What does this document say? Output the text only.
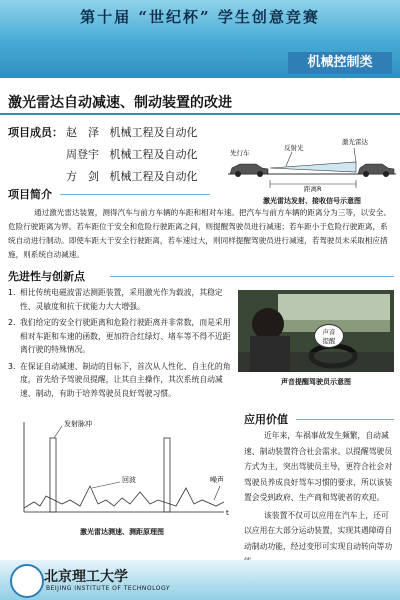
第十届 “世纪杯” 学生创意竞赛
机械控制类
激光雷达自动减速、制动装置的改进
项目成员： 赵　泽 机械工程及自动化
周登宇 机械工程及自动化
方　剑 机械工程及自动化
先行车
反射光
激光雷达
距离R
激光雷达发射、接收信号示意图
项目简介
通过激光雷达装置，测得汽车与前方车辆的车距和相对车速。把汽车与前方车辆的距离分为三等，以安全、危险行驶距离为界。若车距位于安全和危险行驶距离之间，则提醒驾驶员进行减速；若车距小于危险行驶距离，系统自动进行制动。即使车距大于安全行驶距离，若车速过大，则同样提醒驾驶员进行减速，若驾驶员未采取相应措施，则系统自动减速。
先进性与创新点
1. 相比传统电磁波雷达测距装置，采用激光作为载波，其稳定性、灵敏度和抗干扰能力大大增强。
2. 我们给定的安全行驶距离和危险行驶距离并非常数，而是采用相对车距和车速的函数，更加符合红绿灯、堵车等不得不近距离行驶的特殊情况。
3. 在保证自动减速、制动的目标下，首次从人性化、自主化的角度，首先给予驾驶员提醒，让其自主操作，其次系统自动减速、制动，有助于培养驾驶员良好驾驶习惯。
声音
提醒
声音提醒驾驶员示意图
发射脉冲
回波	噪声
t
激光雷达测速、测距原理图
应用价值

近年来，车祸事故发生频繁，自动减速、制动装置符合社会需求。以提醒驾驶员方式为主，突出驾驶员主导，更符合社会对驾驶员养成良好驾车习惯的要求，所以该装置会受到政府、生产商和驾驶者的欢迎。

该装置不仅可以应用在汽车上，还可以应用在大部分运动装置，实现其遇障碍自动制动功能，经过变形可实现自动转向等功

北京理工大学
BEIJING INSTITUTE OF TECHNOLOGY
